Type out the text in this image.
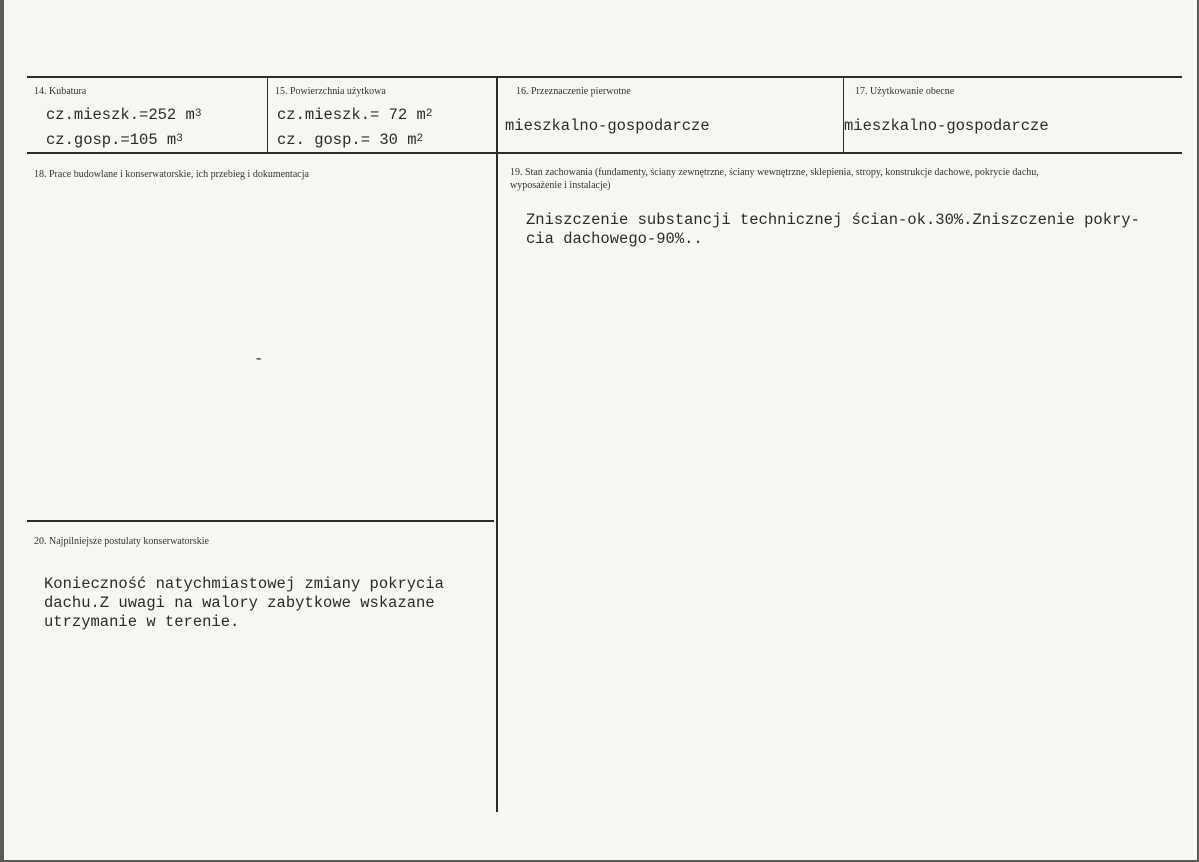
14. Kubatura
cz.mieszk.=252 $m^3$
cz.gosp.=105 $m^3$
15. Powierzchnia użytkowa
cz.mieszk.= 72 $m^2$
cz. gosp.= 30 $m^2$
16. Przeznaczenie pierwotne
mieszkalno-gospodarcze
17. Użytkowanie obecne
mieszkalno-gospodarcze
18. Prace budowlane i konserwatorskie, ich przebieg i dokumentacja
-
19. Stan zachowania (fundamenty, ściany zewnętrzne, ściany wewnętrzne, sklepienia, stropy, konstrukcje dachowe, pokrycie dachu, wyposażenie i instalacje)
Zniszczenie substancji technicznej ścian-ok.30%.Zniszczenie pokry-
cia dachowego-90%..
20. Najpilniejsze postulaty konserwatorskie
Konieczność natychmiastowej zmiany pokrycia
dachu.Z uwagi na walory zabytkowe wskazane
utrzymanie w terenie.
